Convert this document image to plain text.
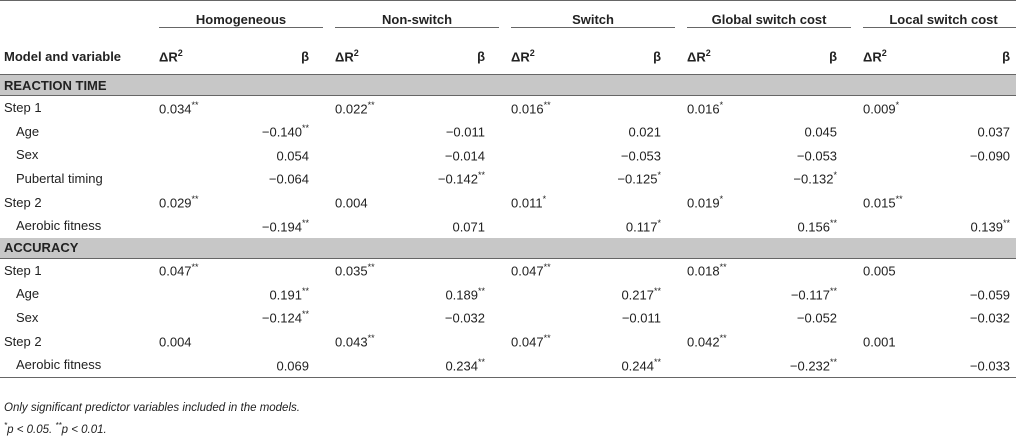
	Homogeneous		Non-switch		Switch		Global switch cost		Local switch cost	

Model and variable	$\Delta R^2$	β	$\Delta R^2$	β	$\Delta R^2$	β	$\Delta R^2$	β	$\Delta R^2$	β
REACTION TIME										
Step 1	0.034**		0.022**		0.016**		0.016*		0.009*	
Age		−0.140**		−0.011		0.021		0.045		0.037
Sex		0.054		−0.014		−0.053		−0.053		−0.090
Pubertal timing		−0.064		−0.142**		−0.125*		−0.132*		
Step 2	0.029**		0.004		0.011*		0.019*		0.015**	
Aerobic fitness		−0.194**		0.071		0.117*		0.156**		0.139**
ACCURACY										
Step 1	0.047**		0.035**		0.047**		0.018**		0.005	
Age		0.191**		0.189**		0.217**		−0.117**		−0.059
Sex		−0.124**		−0.032		−0.011		−0.052		−0.032
Step 2	0.004		0.043**		0.047**		0.042**		0.001	
Aerobic fitness		0.069		0.234**		0.244**		−0.232**		−0.033
Only significant predictor variables included in the models.
*p < 0.05. **p < 0.01.
